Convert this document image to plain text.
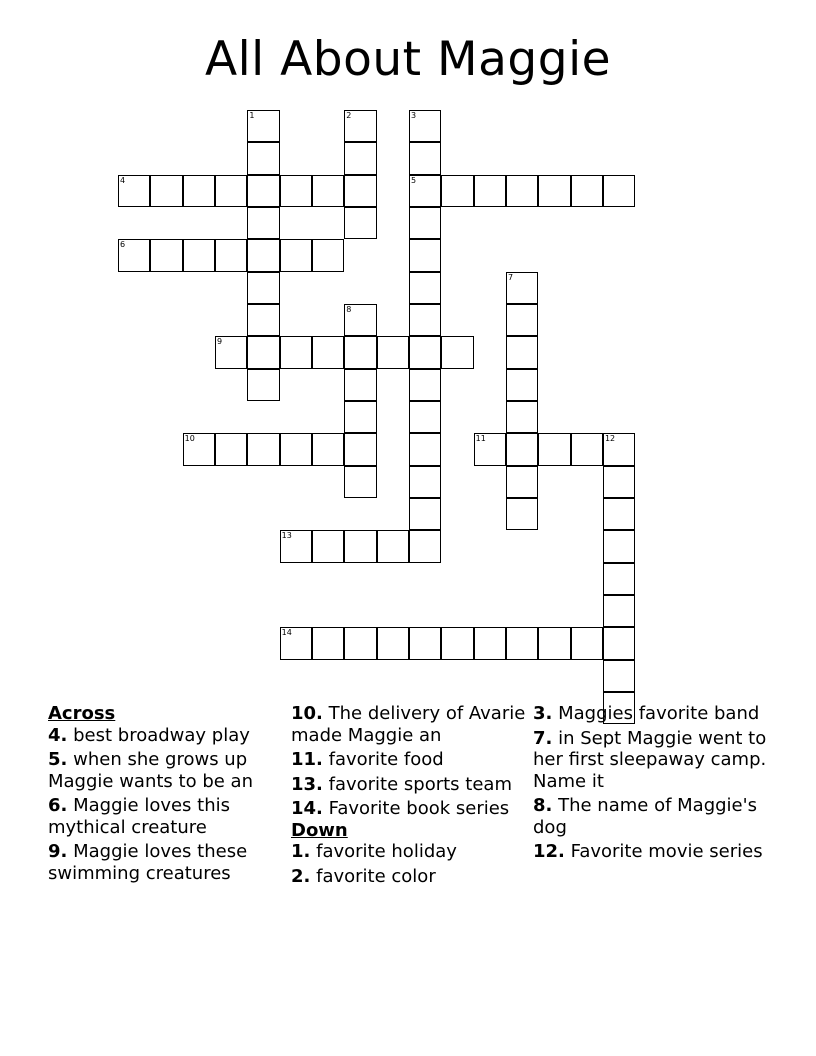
All About Maggie
1	2	3
5
4
6
7
8
9
10	11	12
13
14
Across
4. best broadway play
5. when she grows up Maggie wants to be an
6. Maggie loves this mythical creature
9. Maggie loves these swimming creatures
10. The delivery of Avarie made Maggie an
11. favorite food
13. favorite sports team
14. Favorite book series
Down
1. favorite holiday
2. favorite color
3. Maggies favorite band
7. in Sept Maggie went to her first sleepaway camp. Name it
8. The name of Maggie's dog
12. Favorite movie series
